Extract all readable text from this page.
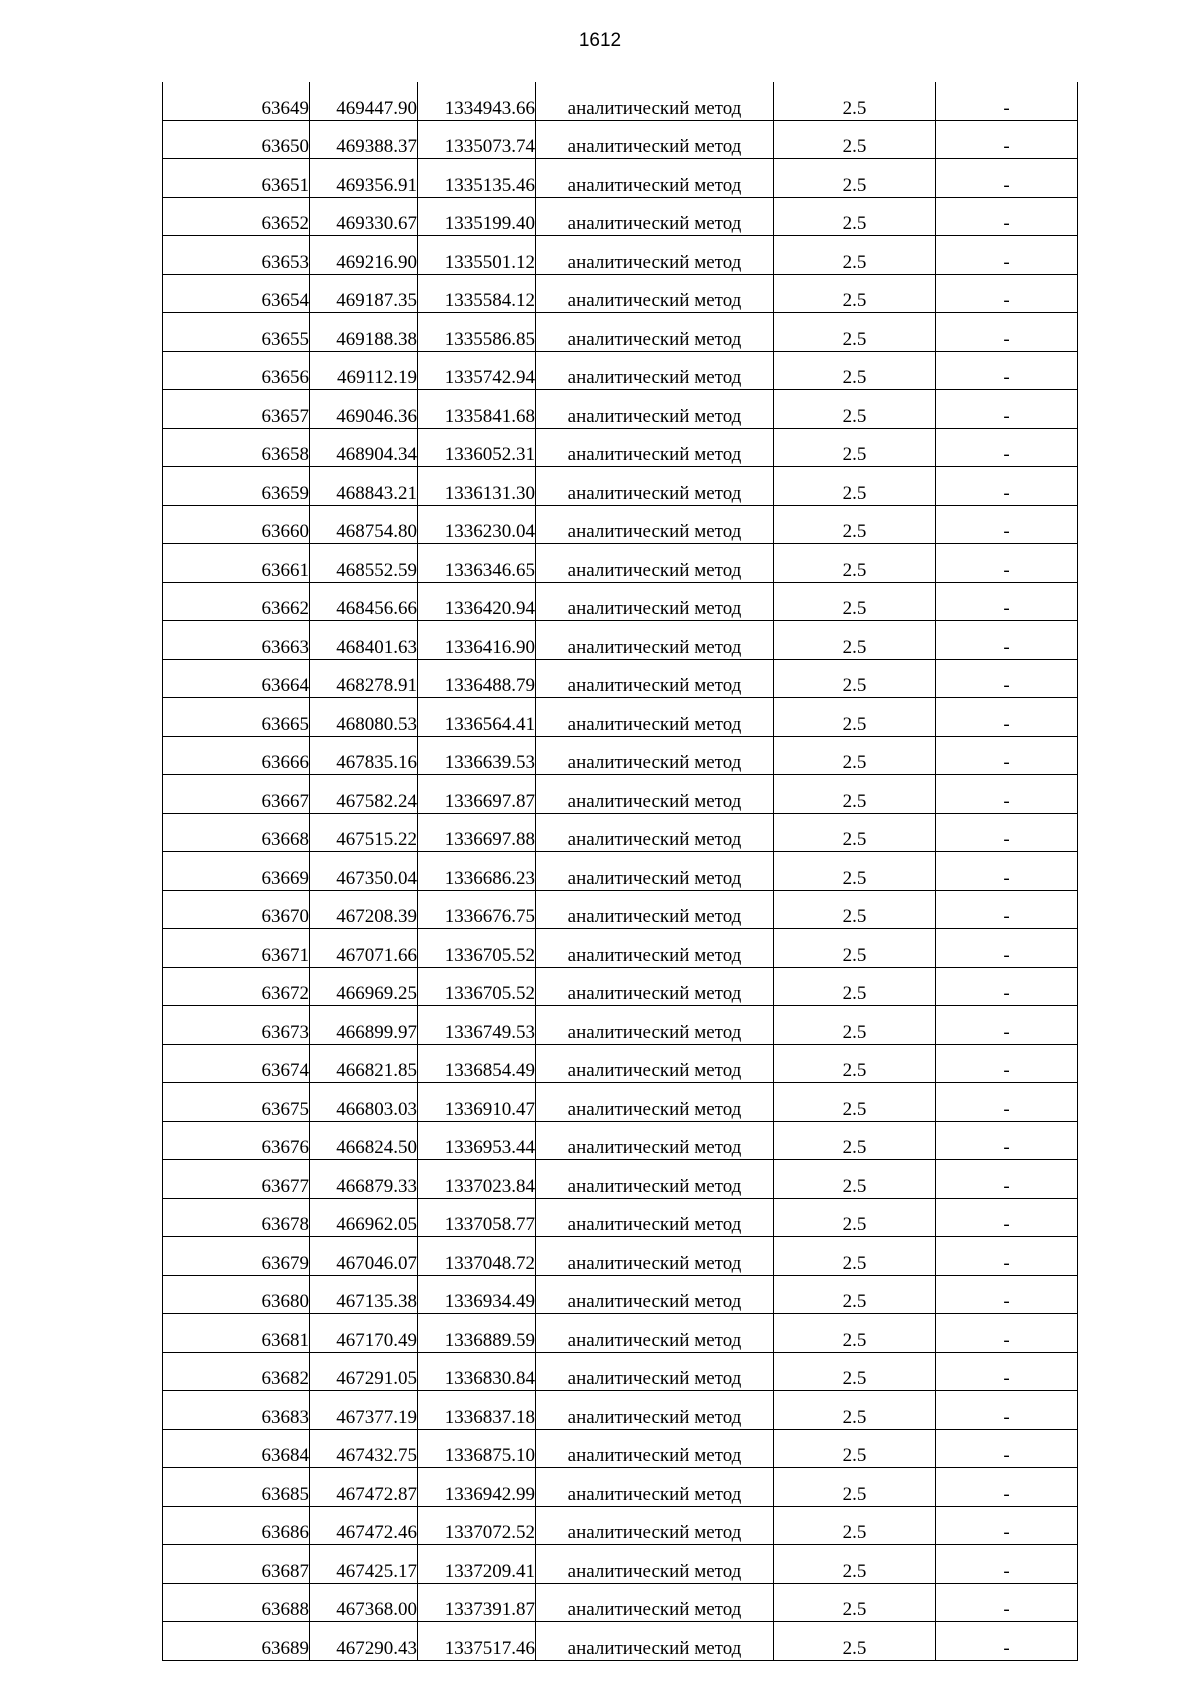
1612
63649	469447.90	1334943.66	аналитический метод	2.5	-
63650	469388.37	1335073.74	аналитический метод	2.5	-
63651	469356.91	1335135.46	аналитический метод	2.5	-
63652	469330.67	1335199.40	аналитический метод	2.5	-
63653	469216.90	1335501.12	аналитический метод	2.5	-
63654	469187.35	1335584.12	аналитический метод	2.5	-
63655	469188.38	1335586.85	аналитический метод	2.5	-
63656	469112.19	1335742.94	аналитический метод	2.5	-
63657	469046.36	1335841.68	аналитический метод	2.5	-
63658	468904.34	1336052.31	аналитический метод	2.5	-
63659	468843.21	1336131.30	аналитический метод	2.5	-
63660	468754.80	1336230.04	аналитический метод	2.5	-
63661	468552.59	1336346.65	аналитический метод	2.5	-
63662	468456.66	1336420.94	аналитический метод	2.5	-
63663	468401.63	1336416.90	аналитический метод	2.5	-
63664	468278.91	1336488.79	аналитический метод	2.5	-
63665	468080.53	1336564.41	аналитический метод	2.5	-
63666	467835.16	1336639.53	аналитический метод	2.5	-
63667	467582.24	1336697.87	аналитический метод	2.5	-
63668	467515.22	1336697.88	аналитический метод	2.5	-
63669	467350.04	1336686.23	аналитический метод	2.5	-
63670	467208.39	1336676.75	аналитический метод	2.5	-
63671	467071.66	1336705.52	аналитический метод	2.5	-
63672	466969.25	1336705.52	аналитический метод	2.5	-
63673	466899.97	1336749.53	аналитический метод	2.5	-
63674	466821.85	1336854.49	аналитический метод	2.5	-
63675	466803.03	1336910.47	аналитический метод	2.5	-
63676	466824.50	1336953.44	аналитический метод	2.5	-
63677	466879.33	1337023.84	аналитический метод	2.5	-
63678	466962.05	1337058.77	аналитический метод	2.5	-
63679	467046.07	1337048.72	аналитический метод	2.5	-
63680	467135.38	1336934.49	аналитический метод	2.5	-
63681	467170.49	1336889.59	аналитический метод	2.5	-
63682	467291.05	1336830.84	аналитический метод	2.5	-
63683	467377.19	1336837.18	аналитический метод	2.5	-
63684	467432.75	1336875.10	аналитический метод	2.5	-
63685	467472.87	1336942.99	аналитический метод	2.5	-
63686	467472.46	1337072.52	аналитический метод	2.5	-
63687	467425.17	1337209.41	аналитический метод	2.5	-
63688	467368.00	1337391.87	аналитический метод	2.5	-
63689	467290.43	1337517.46	аналитический метод	2.5	-
